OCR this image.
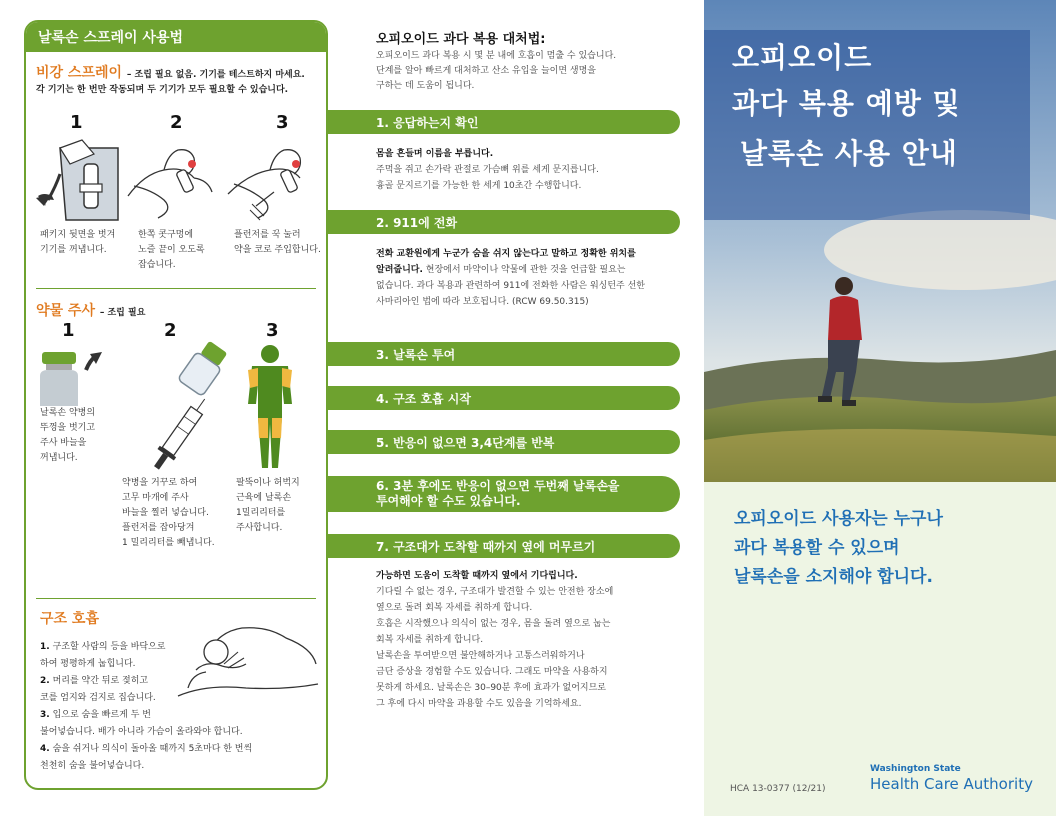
날록손 스프레이 사용법
비강 스프레이 – 조립 필요 없음. 기기를 테스트하지 마세요.
각 기기는 한 번만 작동되며 두 기기가 모두 필요할 수 있습니다.
1	2	3
패키지 뒷면을 벗겨
기기를 꺼냅니다.
한쪽 콧구멍에
노즐 끝이 오도록
잡습니다.
플런저를 꾹 눌러
약을 코로 주입합니다.
약물 주사 – 조립 필요
1	2	3
날록손 약병의
뚜껑을 벗기고
주사 바늘을
꺼냅니다.
약병을 거꾸로 하여
고무 마개에 주사
바늘을 찔러 넣습니다.
플런저를 잡아당겨
1 밀리리터를 빼냅니다.
팔뚝이나 허벅지
근육에 날록손
1밀리리터를
주사합니다.
구조 호흡
1. 구조할 사람의 등을 바닥으로
하여 평평하게 눕힙니다.
2. 머리를 약간 뒤로 젖히고
코를 엄지와 검지로 집습니다.
3. 입으로 숨을 빠르게 두 번
불어넣습니다. 배가 아니라 가슴이 올라와야 합니다.
4. 숨을 쉬거나 의식이 돌아올 때까지 5초마다 한 번씩
천천히 숨을 불어넣습니다.
오피오이드 과다 복용 대처법:
오피오이드 과다 복용 시 몇 분 내에 호흡이 멈출 수 있습니다.
단계를 알아 빠르게 대처하고 산소 유입을 늘이면 생명을
구하는 데 도움이 됩니다.
1. 응답하는지 확인
몸을 흔들며 이름을 부릅니다.
주먹을 쥐고 손가락 관절로 가슴뼈 위를 세게 문지릅니다.
흉골 문지르기를 가능한 한 세게 10초간 수행합니다.
2. 911에 전화
전화 교환원에게 누군가 숨을 쉬지 않는다고 말하고 정확한 위치를
알려줍니다. 현장에서 마약이나 약물에 관한 것을 언급할 필요는
없습니다. 과다 복용과 관련하여 911에 전화한 사람은 워싱턴주 선한
사마리아인 법에 따라 보호됩니다. (RCW 69.50.315)
3. 날록손 투여
4. 구조 호흡 시작
5. 반응이 없으면 3,4단계를 반복
6. 3분 후에도 반응이 없으면 두번째 날록손을
투여해야 할 수도 있습니다.
7. 구조대가 도착할 때까지 옆에 머무르기
가능하면 도움이 도착할 때까지 옆에서 기다립니다.
기다릴 수 없는 경우, 구조대가 발견할 수 있는 안전한 장소에
옆으로 돌려 회복 자세를 취하게 합니다.
호흡은 시작했으나 의식이 없는 경우, 몸을 돌려 옆으로 눕는
회복 자세를 취하게 합니다.
날록손을 투여받으면 불안해하거나 고통스러워하거나
금단 증상을 경험할 수도 있습니다. 그래도 마약을 사용하지
못하게 하세요. 날록손은 30–90분 후에 효과가 없어지므로
그 후에 다시 마약을 과용할 수도 있음을 기억하세요.
오피오이드
과다 복용 예방 및
날록손 사용 안내
오피오이드 사용자는 누구나
과다 복용할 수 있으며
날록손을 소지해야 합니다.
HCA 13-0377 (12/21)
Washington State
Health Care Authority
